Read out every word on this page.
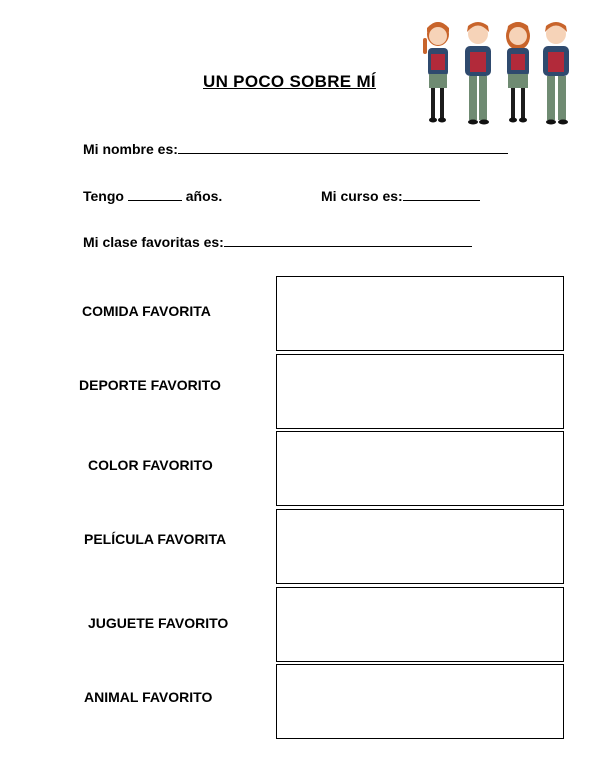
UN POCO SOBRE MÍ
Mi nombre es:
Tengo	años.	Mi curso es:
Mi clase favoritas es:
COMIDA FAVORITA
DEPORTE FAVORITO
COLOR FAVORITO
PELÍCULA FAVORITA
JUGUETE FAVORITO
ANIMAL FAVORITO
